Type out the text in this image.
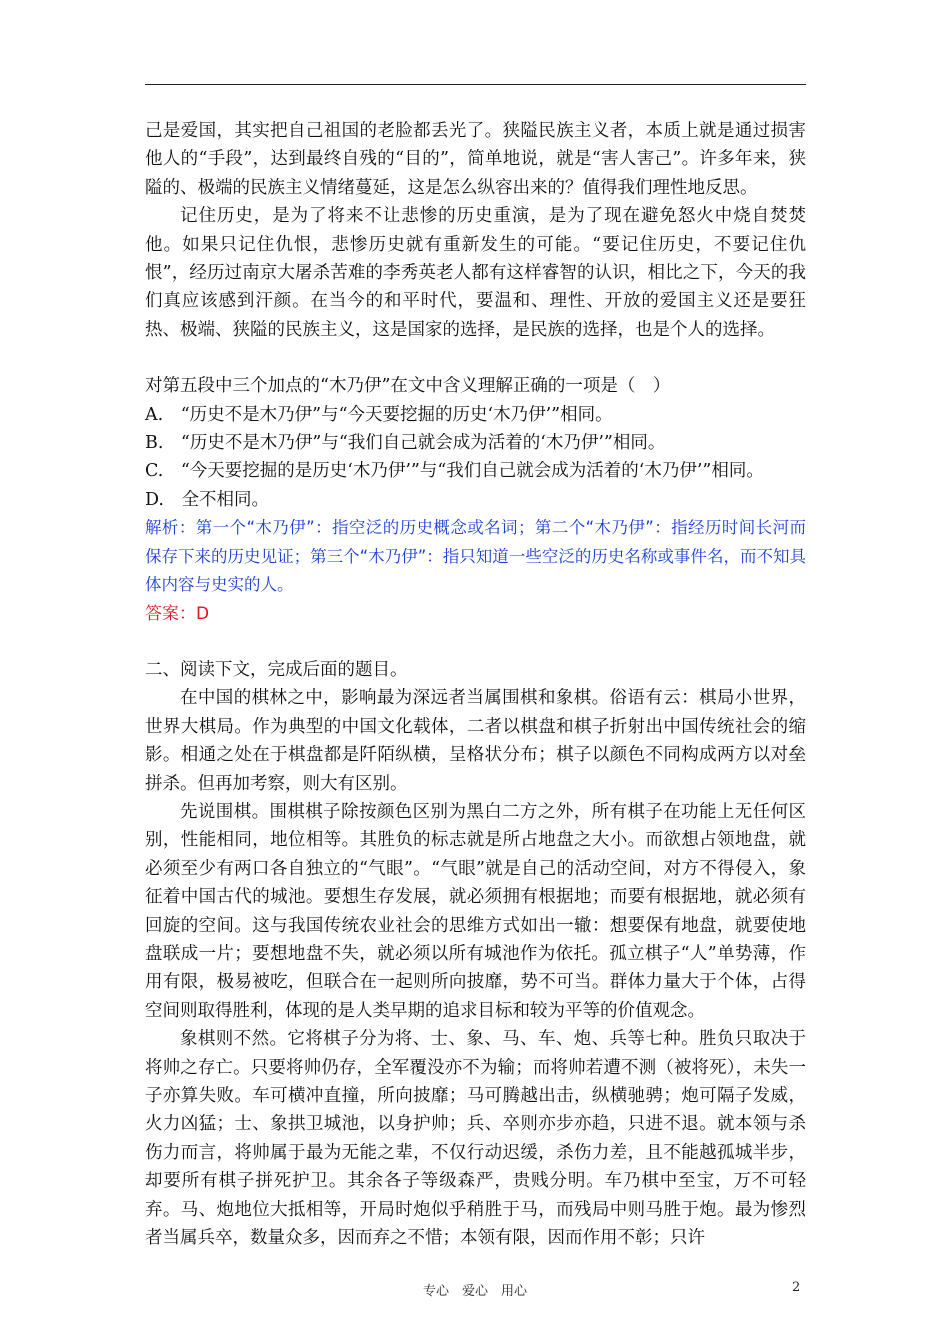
己是爱国，其实把自己祖国的老脸都丢光了。狭隘民族主义者，本质上就是通过损害他人的“手段”，达到最终自残的“目的”，简单地说，就是“害人害己”。许多年来，狭隘的、极端的民族主义情绪蔓延，这是怎么纵容出来的？值得我们理性地反思。

记住历史，是为了将来不让悲惨的历史重演，是为了现在避免怒火中烧自焚焚他。如果只记住仇恨，悲惨历史就有重新发生的可能。“要记住历史，不要记住仇恨”，经历过南京大屠杀苦难的李秀英老人都有这样睿智的认识，相比之下，今天的我们真应该感到汗颜。在当今的和平时代，要温和、理性、开放的爱国主义还是要狂热、极端、狭隘的民族主义，这是国家的选择，是民族的选择，也是个人的选择。

对第五段中三个加点的“木乃伊”在文中含义理解正确的一项是（　）

A.　“历史不是木乃伊”与“今天要挖掘的历史‘木乃伊’”相同。

B.　“历史不是木乃伊”与“我们自己就会成为活着的‘木乃伊’”相同。

C.　“今天要挖掘的是历史‘木乃伊’”与“我们自己就会成为活着的‘木乃伊’”相同。

D.　全不相同。

解析：第一个“木乃伊”：指空泛的历史概念或名词；第二个“木乃伊”：指经历时间长河而保存下来的历史见证；第三个“木乃伊”：指只知道一些空泛的历史名称或事件名，而不知具体内容与史实的人。

答案：D

二、阅读下文，完成后面的题目。

在中国的棋林之中，影响最为深远者当属围棋和象棋。俗语有云：棋局小世界，世界大棋局。作为典型的中国文化载体，二者以棋盘和棋子折射出中国传统社会的缩影。相通之处在于棋盘都是阡陌纵横，呈格状分布；棋子以颜色不同构成两方以对垒拼杀。但再加考察，则大有区别。

先说围棋。围棋棋子除按颜色区别为黑白二方之外，所有棋子在功能上无任何区别，性能相同，地位相等。其胜负的标志就是所占地盘之大小。而欲想占领地盘，就必须至少有两口各自独立的“气眼”。“气眼”就是自己的活动空间，对方不得侵入，象征着中国古代的城池。要想生存发展，就必须拥有根据地；而要有根据地，就必须有回旋的空间。这与我国传统农业社会的思维方式如出一辙：想要保有地盘，就要使地盘联成一片；要想地盘不失，就必须以所有城池作为依托。孤立棋子“人”单势薄，作用有限，极易被吃，但联合在一起则所向披靡，势不可当。群体力量大于个体，占得空间则取得胜利，体现的是人类早期的追求目标和较为平等的价值观念。

象棋则不然。它将棋子分为将、士、象、马、车、炮、兵等七种。胜负只取决于将帅之存亡。只要将帅仍存，全军覆没亦不为输；而将帅若遭不测（被将死），未失一子亦算失败。车可横冲直撞，所向披靡；马可腾越出击，纵横驰骋；炮可隔子发威，火力凶猛；士、象拱卫城池，以身护帅；兵、卒则亦步亦趋，只进不退。就本领与杀伤力而言，将帅属于最为无能之辈，不仅行动迟缓，杀伤力差，且不能越孤城半步，却要所有棋子拼死护卫。其余各子等级森严，贵贱分明。车乃棋中至宝，万不可轻弃。马、炮地位大抵相等，开局时炮似乎稍胜于马，而残局中则马胜于炮。最为惨烈者当属兵卒，数量众多，因而弃之不惜；本领有限，因而作用不彰；只许

专心　爱心　用心	2
